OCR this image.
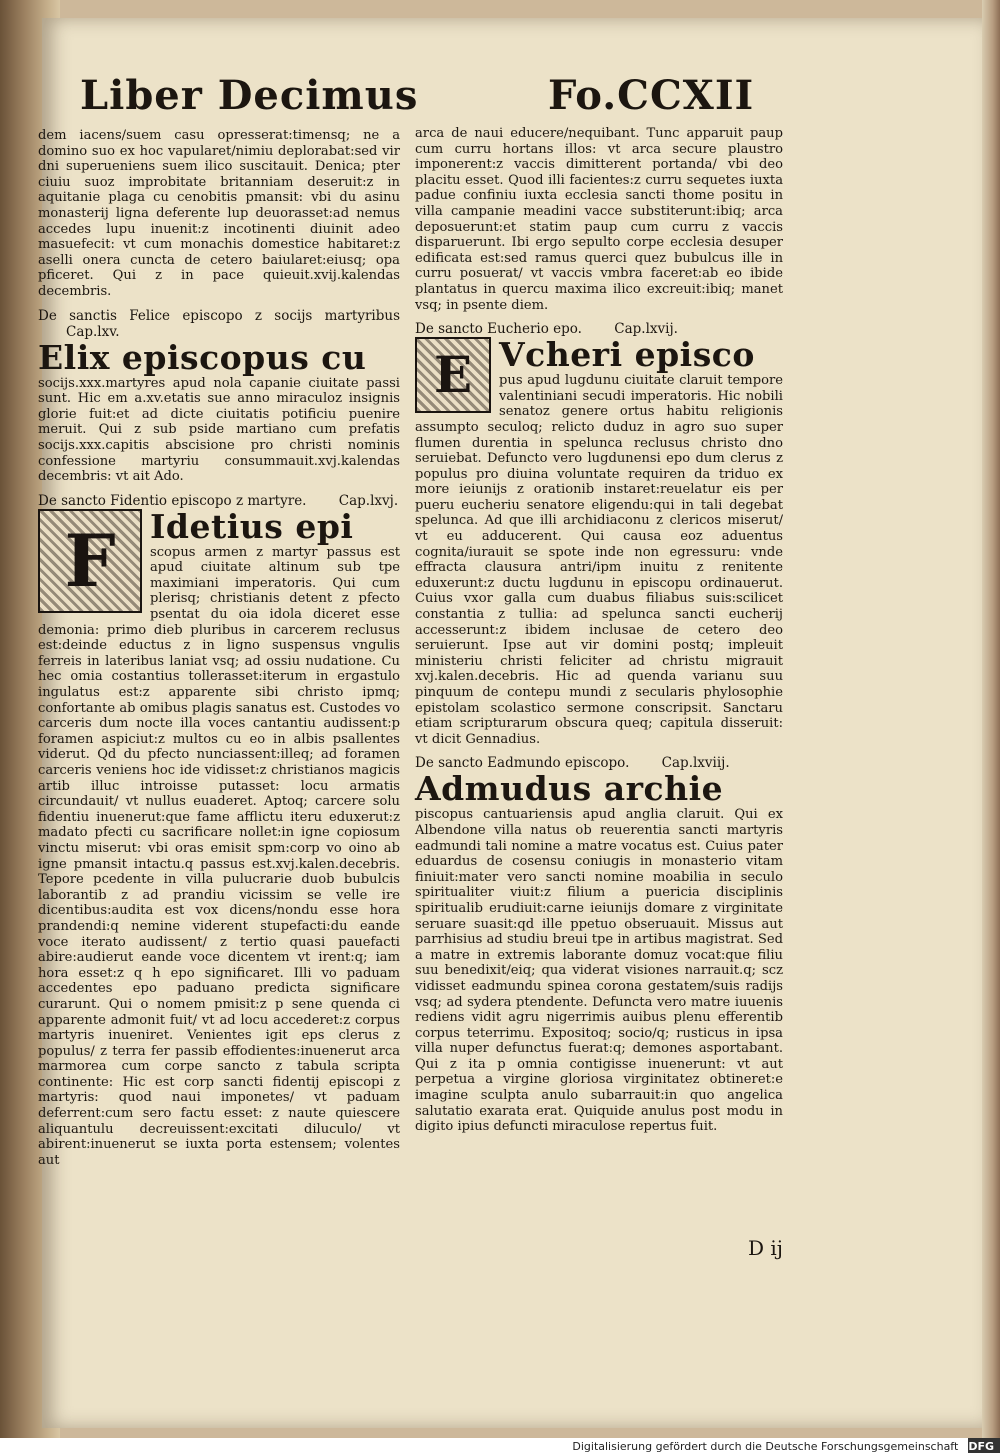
Liber Decimus	Fo.CCXII

dem iacens/suem casu opresserat:timensq; ne a domino suo ex hoc vapularet/nimiu deplorabat:sed vir dni superueniens suem ilico suscitauit. Denica; pter ciuiu suoz improbitate britanniam deseruit:z in aquitanie plaga cu cenobitis pmansit: vbi du asinu monasterij ligna deferente lup deuorasset:ad nemus accedes lupu inuenit:z incotinenti diuinit adeo masuefecit: vt cum monachis domestice habitaret:z aselli onera cuncta de cetero baiularet:eiusq; opa pficeret. Qui z in pace quieuit.xvij.kalendas decembris.

De sanctis Felice episcopo z socijs martyribus Cap.lxv.

Elix episcopus cu

socijs.xxx.martyres apud nola capanie ciuitate passi sunt. Hic em a.xv.etatis sue anno miraculoz insignis glorie fuit:et ad dicte ciuitatis potificiu puenire meruit. Qui z sub pside martiano cum prefatis socijs.xxx.capitis abscisione pro christi nominis confessione martyriu consummauit.xvj.kalendas decembris: vt ait Ado.

De sancto Fidentio episcopo z martyre. Cap.lxvj.

F	Idetius epi

scopus armen z martyr passus est apud ciuitate altinum sub tpe maximiani imperatoris. Qui cum plerisq; christianis detent z pfecto psentat du oia idola diceret esse demonia: primo dieb pluribus in carcerem reclusus est:deinde eductus z in ligno suspensus vngulis ferreis in lateribus laniat vsq; ad ossiu nudatione. Cu hec omia costantius tollerasset:iterum in ergastulo ingulatus est:z apparente sibi christo ipmq; confortante ab omibus plagis sanatus est. Custodes vo carceris dum nocte illa voces cantantiu audissent:p foramen aspiciut:z multos cu eo in albis psallentes viderut. Qd du pfecto nunciassent:illeq; ad foramen carceris veniens hoc ide vidisset:z christianos magicis artib illuc introisse putasset: locu armatis circundauit/ vt nullus euaderet. Aptoq; carcere solu fidentiu inuenerut:que fame afflictu iteru eduxerut:z madato pfecti cu sacrificare nollet:in igne copiosum vinctu miserut: vbi oras emisit spm:corp vo oino ab igne pmansit intactu.q passus est.xvj.kalen.decebris. Tepore pcedente in villa pulucrarie duob bubulcis laborantib z ad prandiu vicissim se velle ire dicentibus:audita est vox dicens/nondu esse hora prandendi:q nemine viderent stupefacti:du eande voce iterato audissent/ z tertio quasi pauefacti abire:audierut eande voce dicentem vt irent:q; iam hora esset:z q h epo significaret. Illi vo paduam accedentes epo paduano predicta significare curarunt. Qui o nomem pmisit:z p sene quenda ci apparente admonit fuit/ vt ad locu accederet:z corpus martyris inueniret. Venientes igit eps clerus z populus/ z terra fer passib effodientes:inuenerut arca marmorea cum corpe sancto z tabula scripta continente: Hic est corp sancti fidentij episcopi z martyris: quod naui imponetes/ vt paduam deferrent:cum sero factu esset: z naute quiescere aliquantulu decreuissent:excitati diluculo/ vt abirent:inuenerut se iuxta porta estensem; volentes aut

arca de naui educere/nequibant. Tunc apparuit paup cum curru hortans illos: vt arca secure plaustro imponerent:z vaccis dimitterent portanda/ vbi deo placitu esset. Quod illi facientes:z curru sequetes iuxta padue confiniu iuxta ecclesia sancti thome positu in villa campanie meadini vacce substiterunt:ibiq; arca deposuerunt:et statim paup cum curru z vaccis disparuerunt. Ibi ergo sepulto corpe ecclesia desuper edificata est:sed ramus querci quez bubulcus ille in curru posuerat/ vt vaccis vmbra faceret:ab eo ibide plantatus in quercu maxima ilico excreuit:ibiq; manet vsq; in psente diem.

De sancto Eucherio epo. Cap.lxvij.

E Vcheri episco

pus apud lugdunu ciuitate claruit tempore valentiniani secudi imperatoris. Hic nobili senatoz genere ortus habitu religionis assumpto seculoq; relicto duduz in agro suo super flumen durentia in spelunca reclusus christo dno seruiebat. Defuncto vero lugdunensi epo dum clerus z populus pro diuina voluntate requiren da triduo ex more ieiunijs z orationib instaret:reuelatur eis per pueru eucheriu senatore eligendu:qui in tali degebat spelunca. Ad que illi archidiaconu z clericos miserut/ vt eu adducerent. Qui causa eoz aduentus cognita/iurauit se spote inde non egressuru: vnde effracta clausura antri/ipm inuitu z renitente eduxerunt:z ductu lugdunu in episcopu ordinauerut. Cuius vxor galla cum duabus filiabus suis:scilicet constantia z tullia: ad spelunca sancti eucherij accesserunt:z ibidem inclusae de cetero deo seruierunt. Ipse aut vir domini postq; impleuit ministeriu christi feliciter ad christu migrauit xvj.kalen.decebris. Hic ad quenda varianu suu pinquum de contepu mundi z secularis phylosophie epistolam scolastico sermone conscripsit. Sanctaru etiam scripturarum obscura queq; capitula disseruit: vt dicit Gennadius.

De sancto Eadmundo episcopo. Cap.lxviij.

Admudus archie

piscopus cantuariensis apud anglia claruit. Qui ex Albendone villa natus ob reuerentia sancti martyris eadmundi tali nomine a matre vocatus est. Cuius pater eduardus de cosensu coniugis in monasterio vitam finiuit:mater vero sancti nomine moabilia in seculo spiritualiter viuit:z filium a puericia disciplinis spiritualib erudiuit:carne ieiunijs domare z virginitate seruare suasit:qd ille ppetuo obseruauit. Missus aut parrhisius ad studiu breui tpe in artibus magistrat. Sed a matre in extremis laborante domuz vocat:que filiu suu benedixit/eiq; qua viderat visiones narrauit.q; scz vidisset eadmundu spinea corona gestatem/suis radijs vsq; ad sydera ptendente. Defuncta vero matre iuuenis rediens vidit agru nigerrimis auibus plenu efferentib corpus teterrimu. Expositoq; socio/q; rusticus in ipsa villa nuper defunctus fuerat:q; demones asportabant. Qui z ita p omnia contigisse inuenerunt: vt aut perpetua a virgine gloriosa virginitatez obtineret:e imagine sculpta anulo subarrauit:in quo angelica salutatio exarata erat. Quiquide anulus post modu in digito ipius defuncti miraculose repertus fuit.

D ij
Digitalisierung gefördert durch die Deutsche Forschungsgemeinschaft DFG
